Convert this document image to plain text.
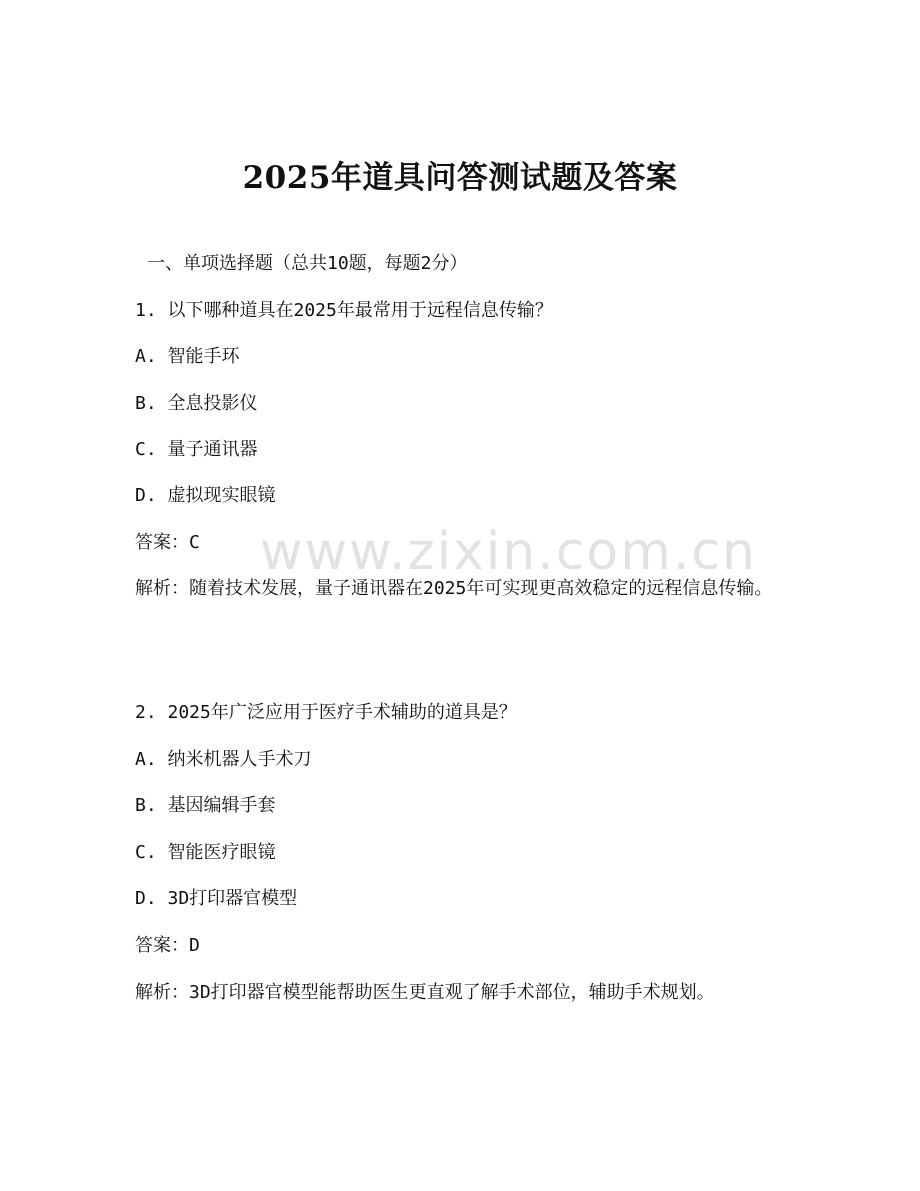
www.zixin.com.cn
2025年道具问答测试题及答案
一、单项选择题（总共10题，每题2分）
1. 以下哪种道具在2025年最常用于远程信息传输？
A. 智能手环
B. 全息投影仪
C. 量子通讯器
D. 虚拟现实眼镜
答案：C
解析：随着技术发展，量子通讯器在2025年可实现更高效稳定的远程信息传输。
2. 2025年广泛应用于医疗手术辅助的道具是？
A. 纳米机器人手术刀
B. 基因编辑手套
C. 智能医疗眼镜
D. 3D打印器官模型
答案：D
解析：3D打印器官模型能帮助医生更直观了解手术部位，辅助手术规划。
